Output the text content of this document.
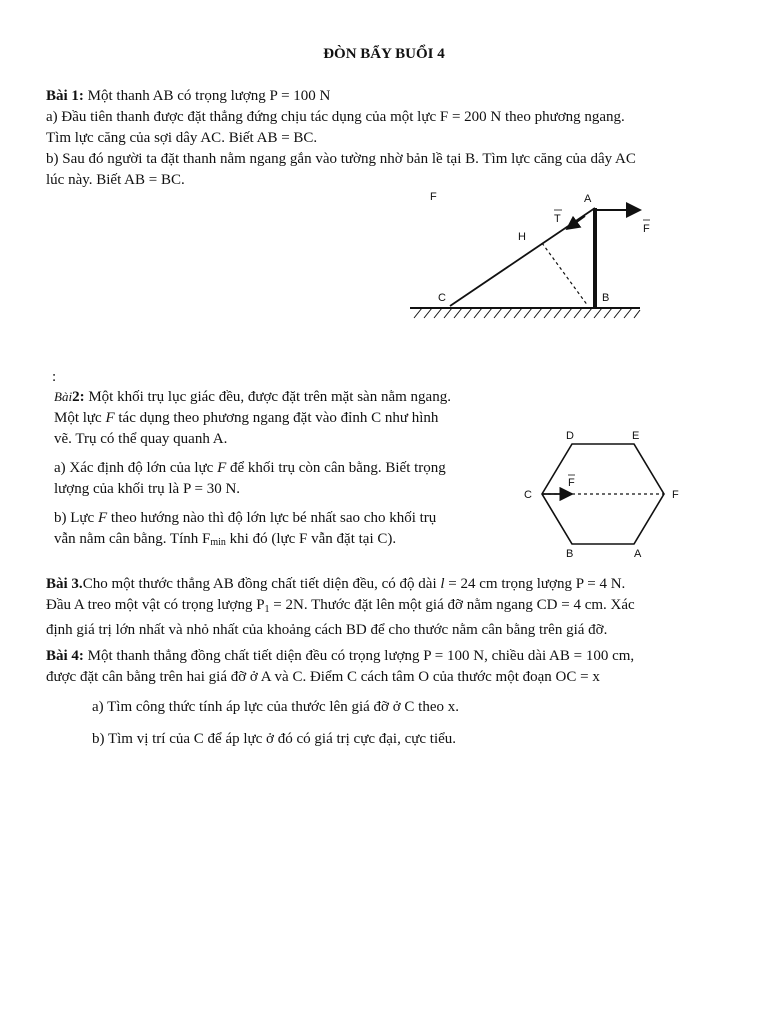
ĐÒN BẨY BUỔI 4
Bài 1: Một thanh AB có trọng lượng P = 100 N
a) Đầu tiên thanh được đặt thẳng đứng chịu tác dụng của một lực F = 200 N theo phương ngang.
Tìm lực căng của sợi dây AC. Biết AB = BC.
b) Sau đó người ta đặt thanh nằm ngang gắn vào tường nhờ bản lề tại B. Tìm lực căng của dây AC
lúc này. Biết AB = BC.
F	A
T
F
H
C	B
:
Bài2: Một khối trụ lục giác đều, được đặt trên mặt sàn nằm ngang.
Một lực F tác dụng theo phương ngang đặt vào đỉnh C như hình
vẽ. Trụ có thể quay quanh A.
a) Xác định độ lớn của lực F để khối trụ còn cân bằng. Biết trọng
lượng của khối trụ là P = 30 N.
b) Lực F theo hướng nào thì độ lớn lực bé nhất sao cho khối trụ
vẫn nằm cân bằng. Tính Fmin khi đó (lực F vẫn đặt tại C).
D	E
C
F
F
B	A
Bài 3.Cho một thước thẳng AB đồng chất tiết diện đều, có độ dài l = 24 cm trọng lượng P = 4 N.
Đầu A treo một vật có trọng lượng $P_1 = 2N$. Thước đặt lên một giá đỡ nằm ngang CD = 4 cm. Xác
định giá trị lớn nhất và nhỏ nhất của khoảng cách BD để cho thước nằm cân bằng trên giá đỡ.
Bài 4: Một thanh thẳng đồng chất tiết diện đều có trọng lượng P = 100 N, chiều dài AB = 100 cm,
được đặt cân bằng trên hai giá đỡ ở A và C. Điểm C cách tâm O của thước một đoạn OC = x
a) Tìm công thức tính áp lực của thước lên giá đỡ ở C theo x.
b) Tìm vị trí của C để áp lực ở đó có giá trị cực đại, cực tiểu.
